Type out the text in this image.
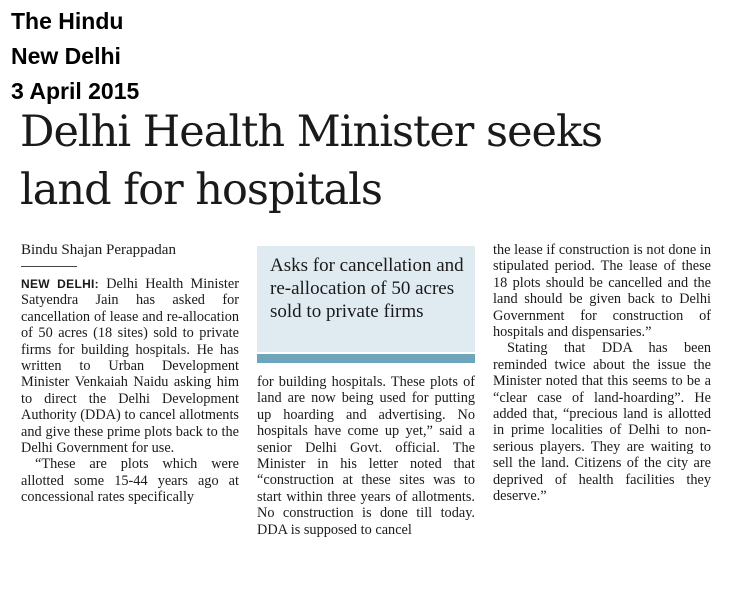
The Hindu
New Delhi
3 April 2015
Delhi Health Minister seeks
land for hospitals
Bindu Shajan Perappadan

NEW DELHI: Delhi Health Minister Satyendra Jain has asked for cancellation of lease and re-allocation of 50 acres (18 sites) sold to private firms for building hospitals. He has written to Urban Development Minister Venkaiah Naidu asking him to direct the Delhi Development Authority (DDA) to cancel allotments and give these prime plots back to the Delhi Government for use.

“These are plots which were allotted some 15-44 years ago at concessional rates specifically

Asks for cancellation and re-allocation of 50 acres sold to private firms

for building hospitals. These plots of land are now being used for putting up hoarding and advertising. No hospitals have come up yet,” said a senior Delhi Govt. official. The Minister in his letter noted that “construction at these sites was to start within three years of allotments. No construction is done till today. DDA is supposed to cancel

the lease if construction is not done in stipulated period. The lease of these 18 plots should be cancelled and the land should be given back to Delhi Government for construction of hospitals and dispensaries.”

Stating that DDA has been reminded twice about the issue the Minister noted that this seems to be a “clear case of land-hoarding”. He added that, “precious land is allotted in prime localities of Delhi to non-serious players. They are waiting to sell the land. Citizens of the city are deprived of health facilities they deserve.”
